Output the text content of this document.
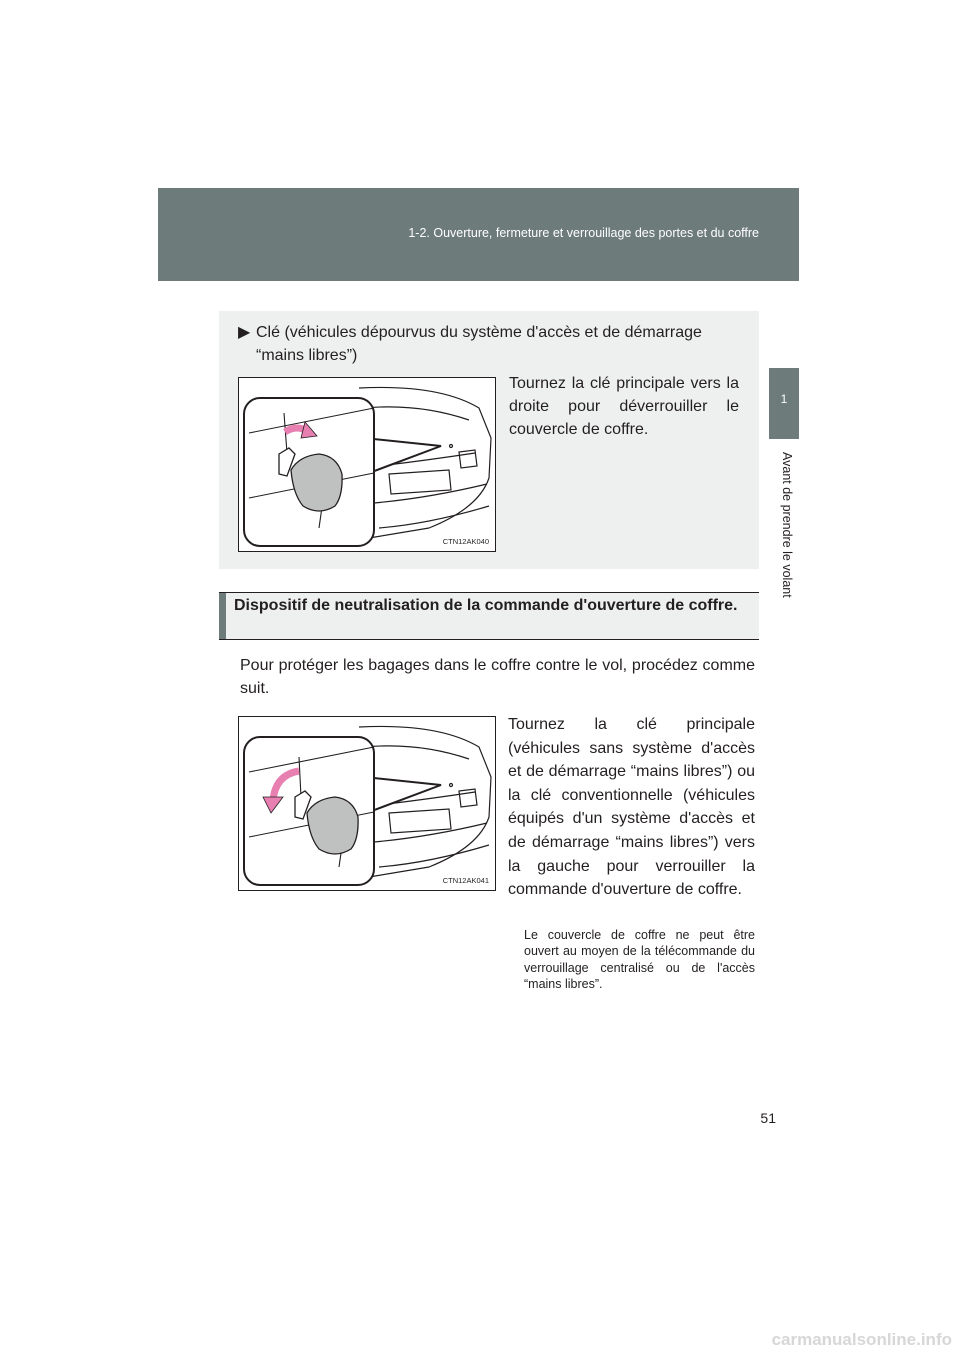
1-2. Ouverture, fermeture et verrouillage des portes et du coffre
1
Avant de prendre le volant
▶ Clé (véhicules dépourvus du système d'accès et de démarrage
“mains libres”)
CTN12AK040
Tournez la clé principale vers la droite pour déverrouiller le couvercle de coffre.
Dispositif de neutralisation de la commande d'ouverture de coffre.
Pour protéger les bagages dans le coffre contre le vol, procédez comme suit.
CTN12AK041
Tournez la clé principale (véhicules sans système d'accès et de démarrage “mains libres”) ou la clé conventionnelle (véhicules équipés d'un système d'accès et de démarrage “mains libres”) vers la gauche pour verrouiller la commande d'ouverture de coffre.
Le couvercle de coffre ne peut être ouvert au moyen de la télécommande du verrouillage centralisé ou de l'accès “mains libres”.
51
carmanualsonline.info
